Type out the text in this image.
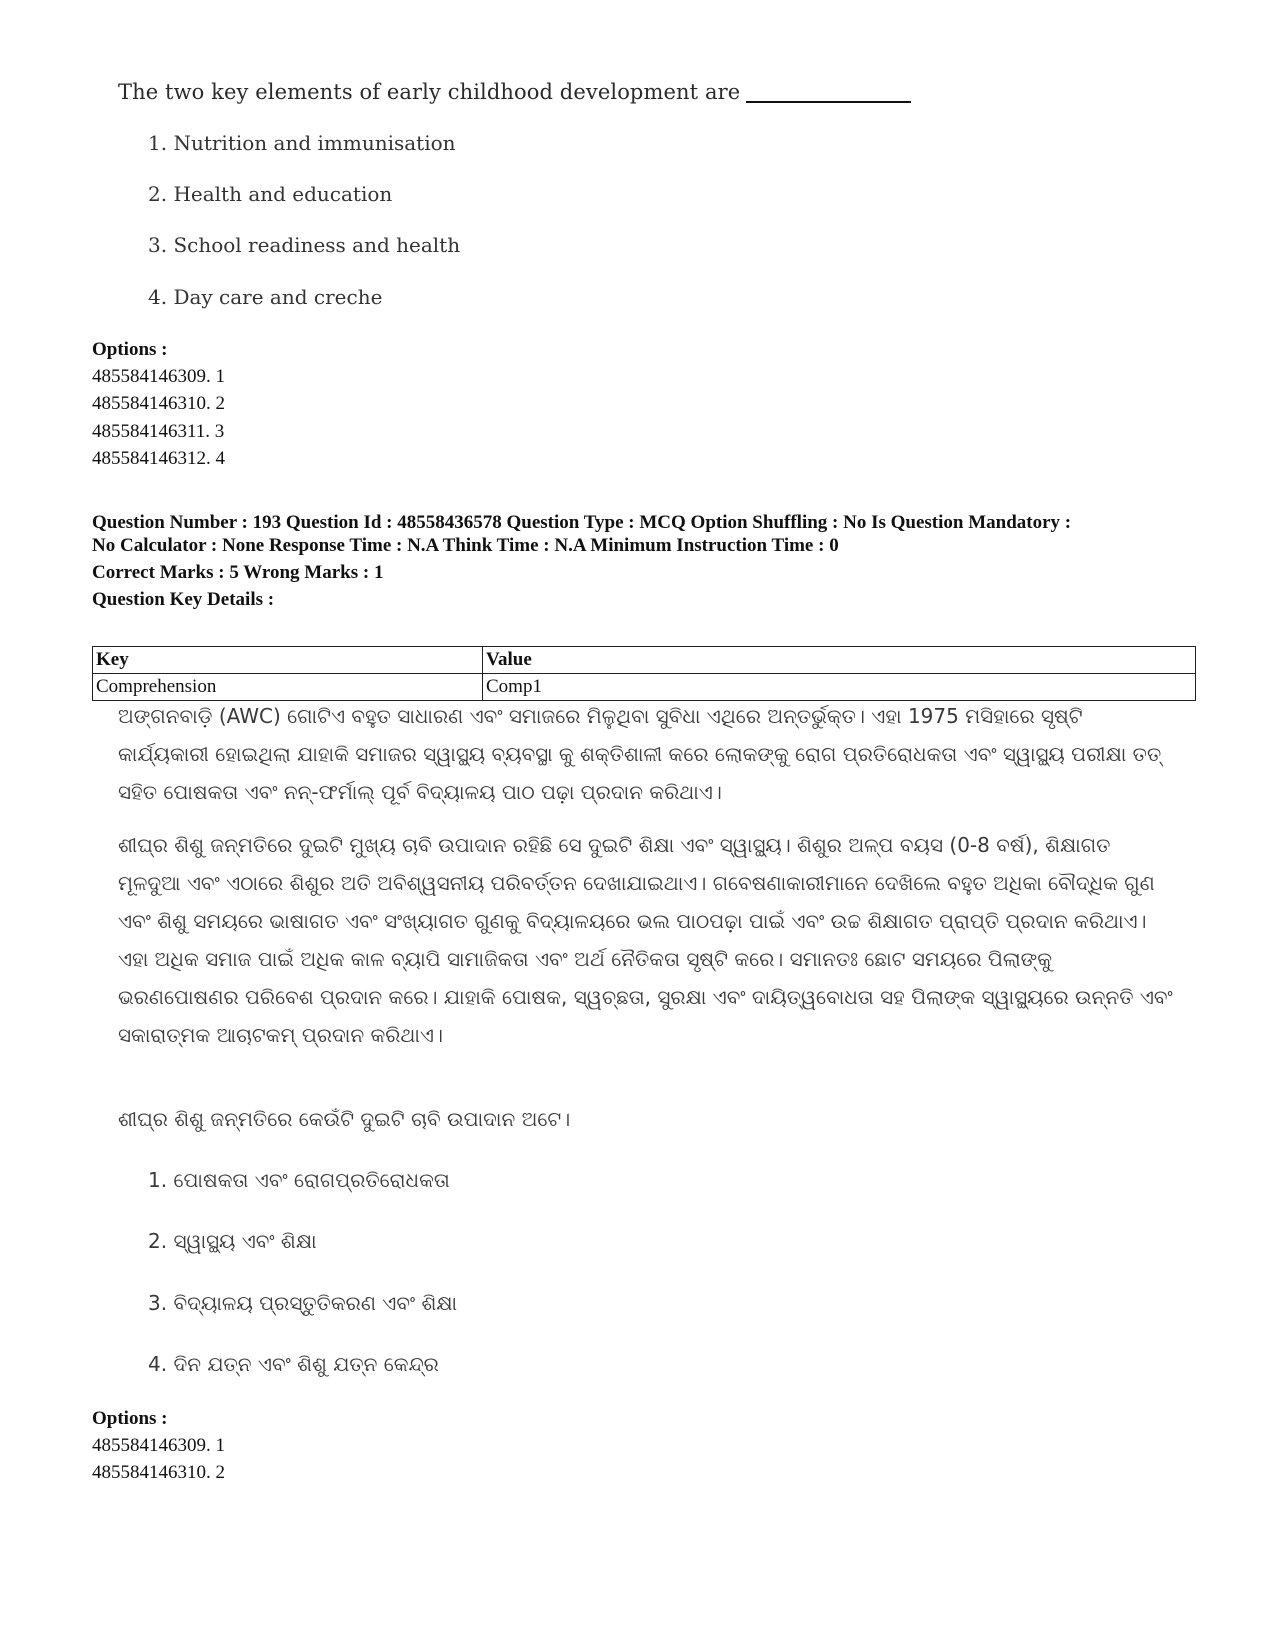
The two key elements of early childhood development are
1. Nutrition and immunisation
2. Health and education
3. School readiness and health
4. Day care and creche
Options :
485584146309. 1
485584146310. 2
485584146311. 3
485584146312. 4
Question Number : 193 Question Id : 48558436578 Question Type : MCQ Option Shuffling : No Is Question Mandatory :
No Calculator : None Response Time : N.A Think Time : N.A Minimum Instruction Time : 0
Correct Marks : 5 Wrong Marks : 1
Question Key Details :
Key	Value
Comprehension	Comp1
ଅଙ୍ଗନବାଡ଼ି (AWC) ଗୋଟିଏ ବହୁତ ସାଧାରଣ ଏବଂ ସମାଜରେ ମିଳୁଥିବା ସୁବିଧା ଏଥିରେ ଅନ୍ତର୍ଭୁକ୍ତ। ଏହା 1975 ମସିହାରେ ସୃଷ୍ଟି କାର୍ଯ୍ୟକାରୀ ହୋଇଥିଲା ଯାହାକି ସମାଜର ସ୍ୱାସ୍ଥ୍ୟ ବ୍ୟବସ୍ଥା କୁ ଶକ୍ତିଶାଳୀ କରେ ଲୋକଙ୍କୁ ରୋଗ ପ୍ରତିରୋଧକତା ଏବଂ ସ୍ୱାସ୍ଥ୍ୟ ପରୀକ୍ଷା ତତ୍ ସହିତ ପୋଷକତା ଏବଂ ନନ୍-ଫର୍ମାଲ୍ ପୂର୍ବ ବିଦ୍ୟାଳୟ ପାଠ ପଢ଼ା ପ୍ରଦାନ କରିଥାଏ।
ଶୀଘ୍ର ଶିଶୁ ଜନ୍ମତିରେ ଦୁଇଟି ମୁଖ୍ୟ ଚାବି ଉପାଦାନ ରହିଛି ସେ ଦୁଇଟି ଶିକ୍ଷା ଏବଂ ସ୍ୱାସ୍ଥ୍ୟ। ଶିଶୁର ଅଳ୍ପ ବୟସ (0-8 ବର୍ଷ), ଶିକ୍ଷାଗତ ମୂଳଦୁଆ ଏବଂ ଏଠାରେ ଶିଶୁର ଅତି ଅବିଶ୍ୱସନୀୟ ପରିବର୍ତ୍ତନ ଦେଖାଯାଇଥାଏ। ଗବେଷଣାକାରୀମାନେ ଦେଖିଲେ ବହୁତ ଅଧିକା ବୌଦ୍ଧିକ ଗୁଣ ଏବଂ ଶିଶୁ ସମୟରେ ଭାଷାଗତ ଏବଂ ସଂଖ୍ୟାଗତ ଗୁଣକୁ ବିଦ୍ୟାଳୟରେ ଭଲ ପାଠପଢ଼ା ପାଇଁ ଏବଂ ଉଚ୍ଚ ଶିକ୍ଷାଗତ ପ୍ରାପ୍ତି ପ୍ରଦାନ କରିଥାଏ। ଏହା ଅଧିକ ସମାଜ ପାଇଁ ଅଧିକ କାଳ ବ୍ୟାପି ସାମାଜିକତା ଏବଂ ଅର୍ଥ ନୈତିକତା ସୃଷ୍ଟି କରେ। ସମାନତଃ ଛୋଟ ସମୟରେ ପିଲାଙ୍କୁ ଭରଣପୋଷଣର ପରିବେଶ ପ୍ରଦାନ କରେ। ଯାହାକି ପୋଷକ, ସ୍ୱଚ୍ଛତା, ସୁରକ୍ଷା ଏବଂ ଦାୟିତ୍ୱବୋଧତା ସହ ପିଲାଙ୍କ ସ୍ୱାସ୍ଥ୍ୟରେ ଉନ୍ନତି ଏବଂ ସକାରାତ୍ମକ ଆଚାଟକମ୍ ପ୍ରଦାନ କରିଥାଏ।
ଶୀଘ୍ର ଶିଶୁ ଜନ୍ମତିରେ କେଉଁଟି ଦୁଇଟି ଚାବି ଉପାଦାନ ଅଟେ।
1. ପୋଷକତା ଏବଂ ରୋଗପ୍ରତିରୋଧକତା
2. ସ୍ୱାସ୍ଥ୍ୟ ଏବଂ ଶିକ୍ଷା
3. ବିଦ୍ୟାଳୟ ପ୍ରସ୍ତୁତିକରଣ ଏବଂ ଶିକ୍ଷା
4. ଦିନ ଯତ୍ନ ଏବଂ ଶିଶୁ ଯତ୍ନ କେନ୍ଦ୍ର
Options :
485584146309. 1
485584146310. 2
